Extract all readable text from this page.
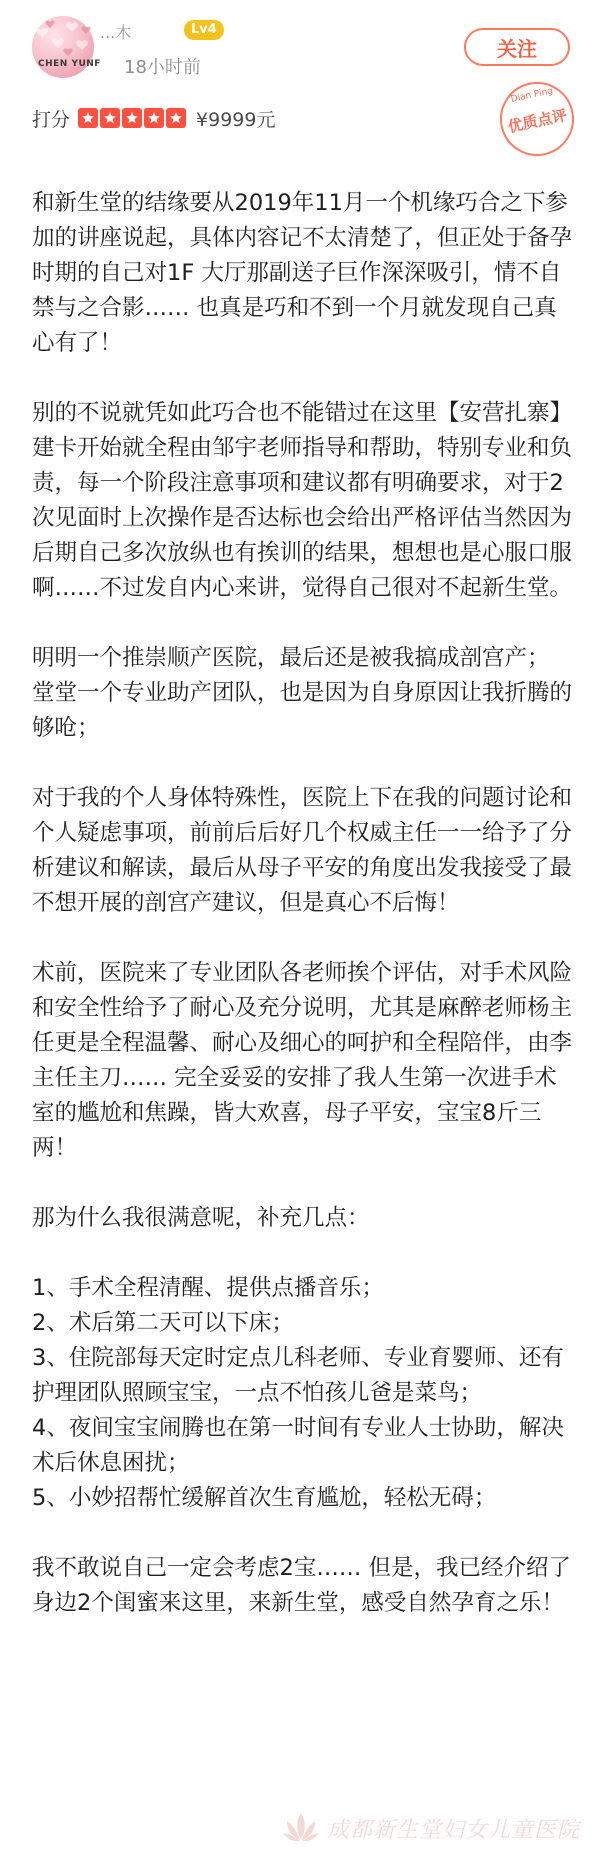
CHEN YUNF
...木	Lv4
18小时前
关注
打分	¥9999元
Dian Ping
优质点评

和新生堂的结缘要从2019年11月一个机缘巧合之下参加的讲座说起，具体内容记不太清楚了，但正处于备孕时期的自己对1F 大厅那副送子巨作深深吸引，情不自禁与之合影…… 也真是巧和不到一个月就发现自己真心有了！

别的不说就凭如此巧合也不能错过在这里【安营扎寨】建卡开始就全程由邹宇老师指导和帮助，特别专业和负责，每一个阶段注意事项和建议都有明确要求，对于2次见面时上次操作是否达标也会给出严格评估当然因为后期自己多次放纵也有挨训的结果，想想也是心服口服啊……不过发自内心来讲，觉得自己很对不起新生堂。

明明一个推崇顺产医院，最后还是被我搞成剖宫产；
堂堂一个专业助产团队，也是因为自身原因让我折腾的够呛；

对于我的个人身体特殊性，医院上下在我的问题讨论和个人疑虑事项，前前后后好几个权威主任一一给予了分析建议和解读，最后从母子平安的角度出发我接受了最不想开展的剖宫产建议，但是真心不后悔！

术前，医院来了专业团队各老师挨个评估，对手术风险和安全性给予了耐心及充分说明，尤其是麻醉老师杨主任更是全程温馨、耐心及细心的呵护和全程陪伴，由李主任主刀…… 完全妥妥的安排了我人生第一次进手术室的尴尬和焦躁，皆大欢喜，母子平安，宝宝8斤三两！

那为什么我很满意呢，补充几点：

1、手术全程清醒、提供点播音乐；
2、术后第二天可以下床；
3、住院部每天定时定点儿科老师、专业育婴师、还有护理团队照顾宝宝，一点不怕孩儿爸是菜鸟；
4、夜间宝宝闹腾也在第一时间有专业人士协助，解决术后休息困扰；
5、小妙招帮忙缓解首次生育尴尬，轻松无碍；

我不敢说自己一定会考虑2宝…… 但是，我已经介绍了身边2个闺蜜来这里，来新生堂，感受自然孕育之乐！

成都新生堂妇女儿童医院
